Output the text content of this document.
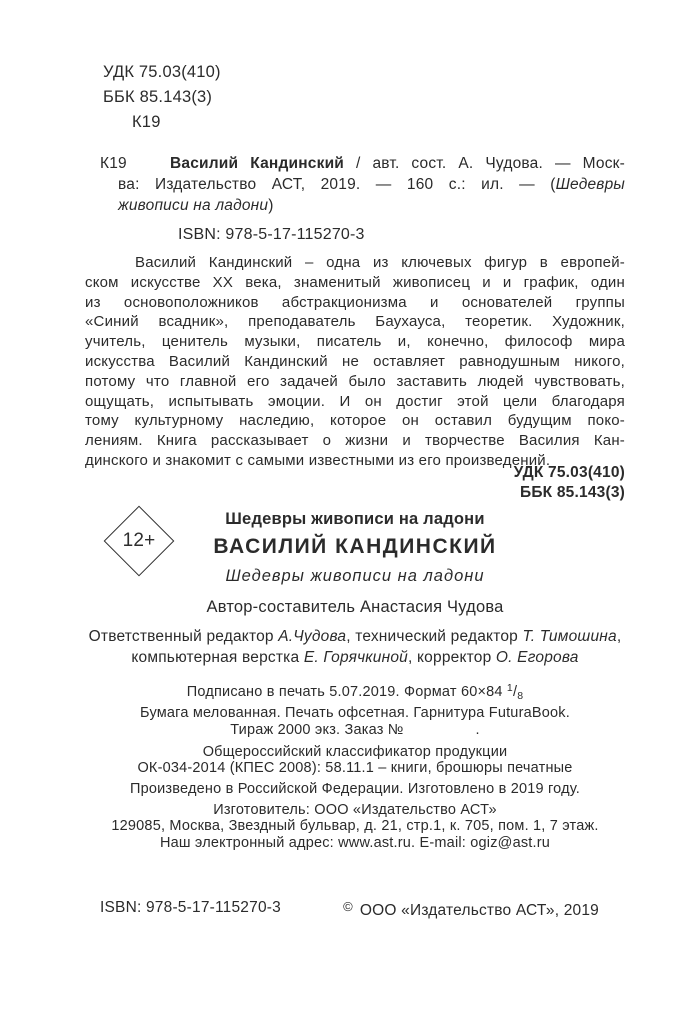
УДК 75.03(410)
ББК 85.143(3)
К19
К19	Василий Кандинский / авт. сост. А. Чудова. — Моск-
ва: Издательство АСТ, 2019. — 160 с.: ил. — (Шедевры
живописи на ладони)
ISBN: 978-5-17-115270-3
Василий Кандинский – одна из ключевых фигур в европей-
ском искусстве XX века, знаменитый живописец и и график, один
из основоположников абстракционизма и основателей группы
«Синий всадник», преподаватель Баухауса, теоретик. Художник,
учитель, ценитель музыки, писатель и, конечно, философ мира
искусства Василий Кандинский не оставляет равнодушным никого,
потому что главной его задачей было заставить людей чувствовать,
ощущать, испытывать эмоции. И он достиг этой цели благодаря
тому культурному наследию, которое он оставил будущим поко-
лениям. Книга рассказывает о жизни и творчестве Василия Кан-
динского и знакомит с самыми известными из его произведений.
УДК 75.03(410)
ББК 85.143(3)
12+
Шедевры живописи на ладони
ВАСИЛИЙ КАНДИНСКИЙ
Шедевры живописи на ладони
Автор-составитель Анастасия Чудова
Ответственный редактор А.Чудова, технический редактор Т. Тимошина,
компьютерная верстка Е. Горячкиной, корректор О. Егорова
Подписано в печать 5.07.2019. Формат 60×84 $^1/_8$
Бумага мелованная. Печать офсетная. Гарнитура FuturaBook.
Тираж 2000 экз. Заказ №	.
Общероссийский классификатор продукции
ОК-034-2014 (КПЕС 2008): 58.11.1 – книги, брошюры печатные
Произведено в Российской Федерации. Изготовлено в 2019 году.
Изготовитель: ООО «Издательство АСТ»
129085, Москва, Звездный бульвар, д. 21, стр.1, к. 705, пом. 1, 7 этаж.
Наш электронный адрес: www.ast.ru. E-mail: ogiz@ast.ru
ISBN: 978-5-17-115270-3	© ООО «Издательство АСТ», 2019
